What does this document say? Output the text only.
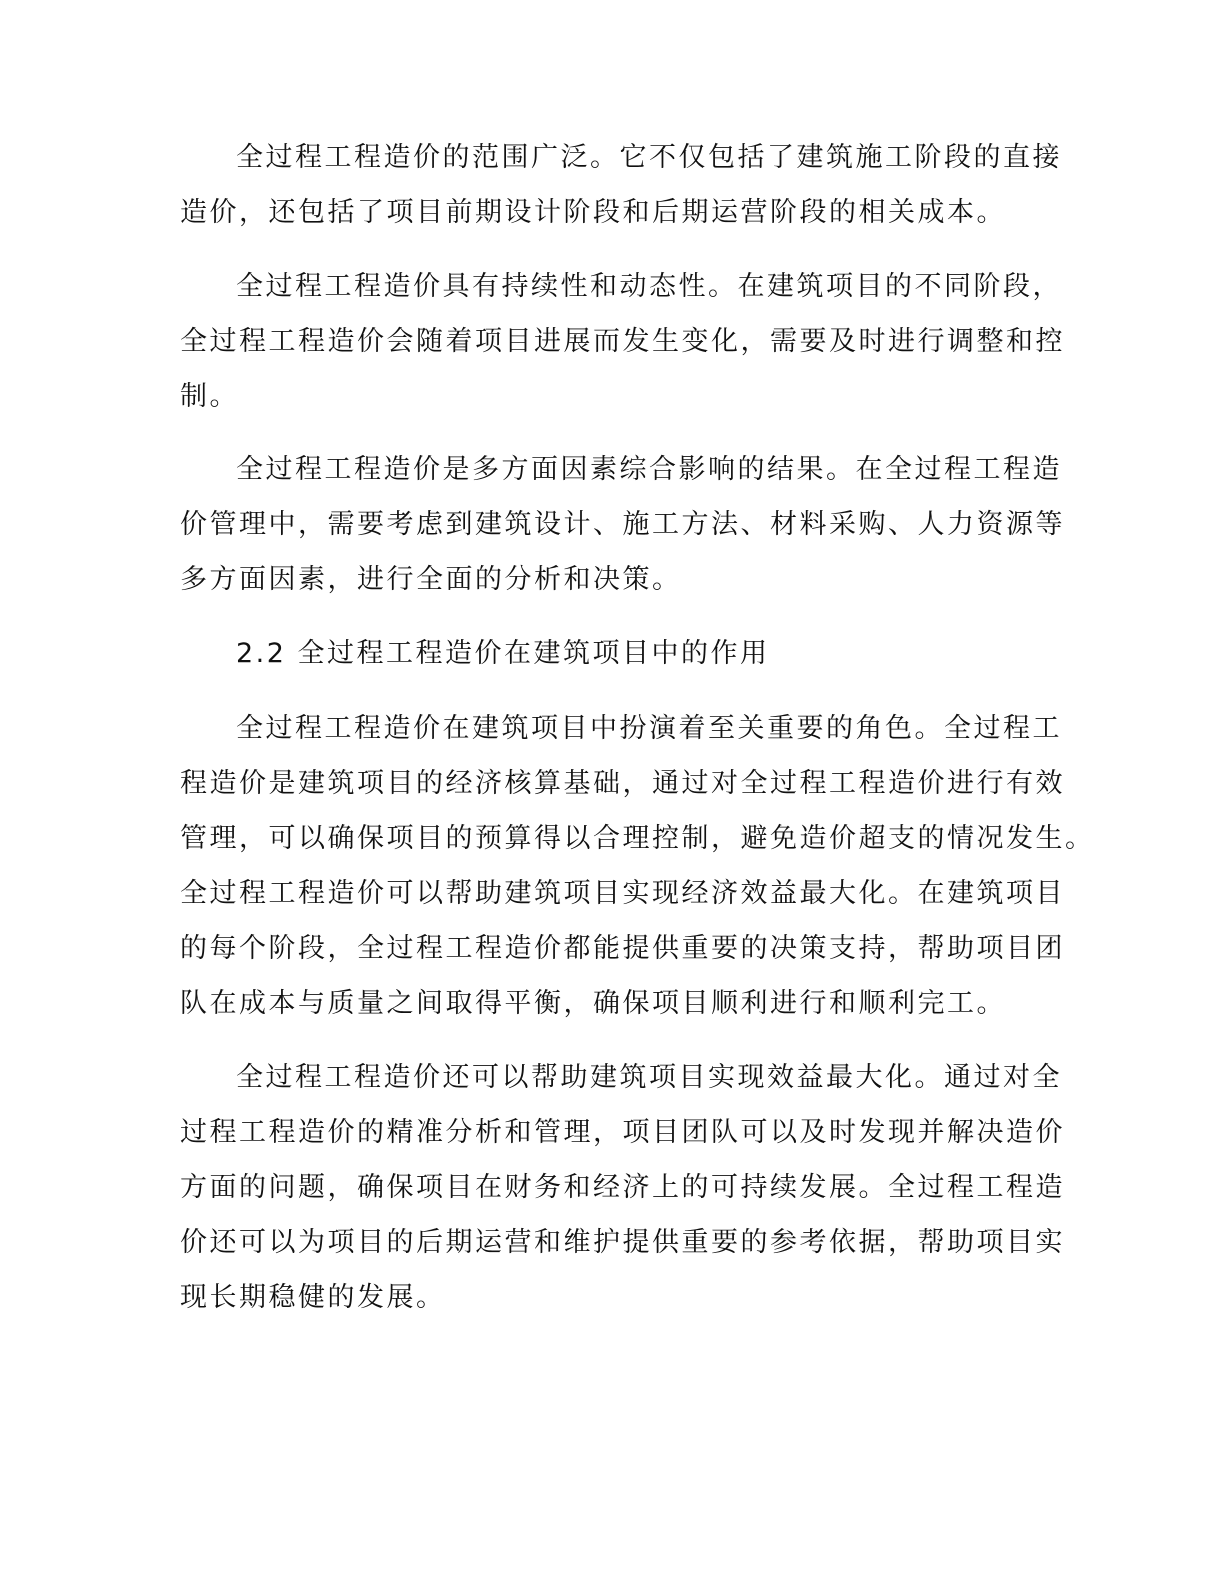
全过程工程造价的范围广泛。它不仅包括了建筑施工阶段的直接
造价，还包括了项目前期设计阶段和后期运营阶段的相关成本。
全过程工程造价具有持续性和动态性。在建筑项目的不同阶段，
全过程工程造价会随着项目进展而发生变化，需要及时进行调整和控
制。
全过程工程造价是多方面因素综合影响的结果。在全过程工程造
价管理中，需要考虑到建筑设计、施工方法、材料采购、人力资源等
多方面因素，进行全面的分析和决策。
2.2 全过程工程造价在建筑项目中的作用
全过程工程造价在建筑项目中扮演着至关重要的角色。全过程工
程造价是建筑项目的经济核算基础，通过对全过程工程造价进行有效
管理，可以确保项目的预算得以合理控制，避免造价超支的情况发生。
全过程工程造价可以帮助建筑项目实现经济效益最大化。在建筑项目
的每个阶段，全过程工程造价都能提供重要的决策支持，帮助项目团
队在成本与质量之间取得平衡，确保项目顺利进行和顺利完工。
全过程工程造价还可以帮助建筑项目实现效益最大化。通过对全
过程工程造价的精准分析和管理，项目团队可以及时发现并解决造价
方面的问题，确保项目在财务和经济上的可持续发展。全过程工程造
价还可以为项目的后期运营和维护提供重要的参考依据，帮助项目实
现长期稳健的发展。
